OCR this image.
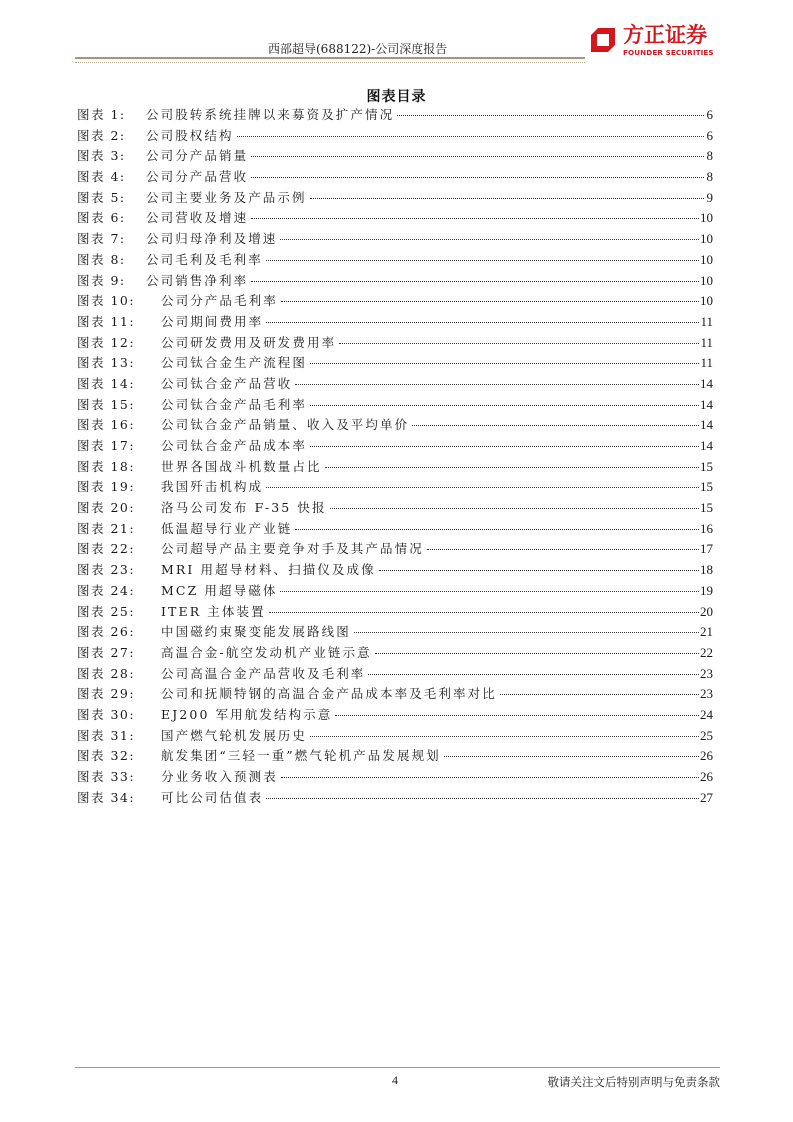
西部超导(688122)-公司深度报告
方正证券
FOUNDER SECURITIES
图表目录
图表 1:	公司股转系统挂牌以来募资及扩产情况	6
图表 2:	公司股权结构	6
图表 3:	公司分产品销量	8
图表 4:	公司分产品营收	8
图表 5:	公司主要业务及产品示例	9
图表 6:	公司营收及增速	10
图表 7:	公司归母净利及增速	10
图表 8:	公司毛利及毛利率	10
图表 9:	公司销售净利率	10
图表 10:	公司分产品毛利率	10
图表 11:	公司期间费用率	11
图表 12:	公司研发费用及研发费用率	11
图表 13:	公司钛合金生产流程图	11
图表 14:	公司钛合金产品营收	14
图表 15:	公司钛合金产品毛利率	14
图表 16:	公司钛合金产品销量、收入及平均单价	14
图表 17:	公司钛合金产品成本率	14
图表 18:	世界各国战斗机数量占比	15
图表 19:	我国歼击机构成	15
图表 20:	洛马公司发布 F-35 快报	15
图表 21:	低温超导行业产业链	16
图表 22:	公司超导产品主要竞争对手及其产品情况	17
图表 23:	MRI 用超导材料、扫描仪及成像	18
图表 24:	MCZ 用超导磁体	19
图表 25:	ITER 主体装置	20
图表 26:	中国磁约束聚变能发展路线图	21
图表 27:	高温合金-航空发动机产业链示意	22
图表 28:	公司高温合金产品营收及毛利率	23
图表 29:	公司和抚顺特钢的高温合金产品成本率及毛利率对比	23
图表 30:	EJ200 军用航发结构示意	24
图表 31:	国产燃气轮机发展历史	25
图表 32:	航发集团“三轻一重”燃气轮机产品发展规划	26
图表 33:	分业务收入预测表	26
图表 34:	可比公司估值表	27
4	敬请关注文后特别声明与免责条款
